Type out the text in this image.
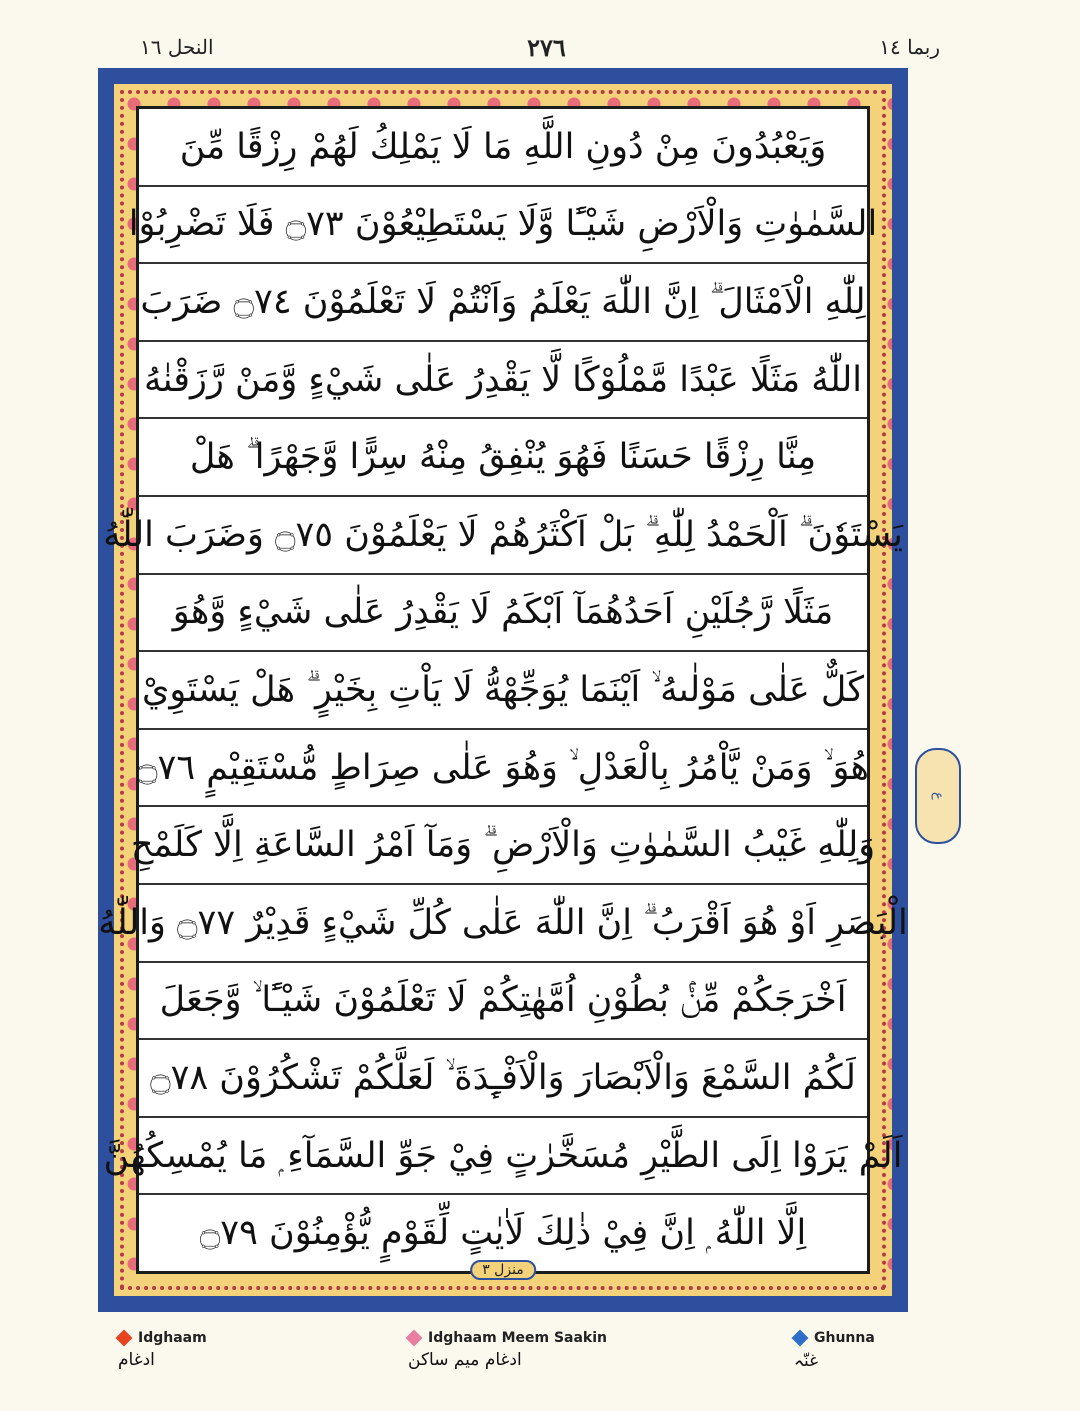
النحل ١٦	٢٧٦	ربما ١٤
وَيَعْبُدُونَ مِنْ دُونِ اللَّهِ مَا لَا يَمْلِكُ لَهُمْ رِزْقًا مِّنَ
السَّمٰوٰتِ وَالْاَرْضِ شَيْـًٔا وَّلَا يَسْتَطِيْعُوْنَ ۝٧٣ فَلَا تَضْرِبُوْا
لِلّٰهِ الْاَمْثَالَ ۗ اِنَّ اللّٰهَ يَعْلَمُ وَاَنْتُمْ لَا تَعْلَمُوْنَ ۝٧٤ ضَرَبَ
اللّٰهُ مَثَلًا عَبْدًا مَّمْلُوْكًا لَّا يَقْدِرُ عَلٰى شَيْءٍ وَّمَنْ رَّزَقْنٰهُ
مِنَّا رِزْقًا حَسَنًا فَهُوَ يُنْفِقُ مِنْهُ سِرًّا وَّجَهْرًا ۗ هَلْ
يَسْتَوٗنَ ۗ اَلْحَمْدُ لِلّٰهِ ۗ بَلْ اَكْثَرُهُمْ لَا يَعْلَمُوْنَ ۝٧٥ وَضَرَبَ اللّٰهُ
مَثَلًا رَّجُلَيْنِ اَحَدُهُمَآ اَبْكَمُ لَا يَقْدِرُ عَلٰى شَيْءٍ وَّهُوَ
كَلٌّ عَلٰى مَوْلٰىهُ ۙ اَيْنَمَا يُوَجِّهْهُّ لَا يَاْتِ بِخَيْرٍ ۗ هَلْ يَسْتَوِيْ
هُوَ ۙ وَمَنْ يَّاْمُرُ بِالْعَدْلِ ۙ وَهُوَ عَلٰى صِرَاطٍ مُّسْتَقِيْمٍ ۝٧٦
وَلِلّٰهِ غَيْبُ السَّمٰوٰتِ وَالْاَرْضِ ۗ وَمَآ اَمْرُ السَّاعَةِ اِلَّا كَلَمْحِ
الْبَصَرِ اَوْ هُوَ اَقْرَبُ ۗ اِنَّ اللّٰهَ عَلٰى كُلِّ شَيْءٍ قَدِيْرٌ ۝٧٧ وَاللّٰهُ
اَخْرَجَكُمْ مِّنْۢ بُطُوْنِ اُمَّهٰتِكُمْ لَا تَعْلَمُوْنَ شَيْـًٔا ۙ وَّجَعَلَ
لَكُمُ السَّمْعَ وَالْاَبْصَارَ وَالْاَفْـِٕدَةَ ۙ لَعَلَّكُمْ تَشْكُرُوْنَ ۝٧٨
اَلَمْ يَرَوْا اِلَى الطَّيْرِ مُسَخَّرٰتٍ فِيْ جَوِّ السَّمَآءِ ۭ مَا يُمْسِكُهُنَّ
اِلَّا اللّٰهُ ۭ اِنَّ فِيْ ذٰلِكَ لَاٰيٰتٍ لِّقَوْمٍ يُّؤْمِنُوْنَ ۝٧٩
منزل ٣
ع
Idghaam
ادغام
Idghaam Meem Saakin
ادغام میم ساکن
Ghunna
غنّہ
